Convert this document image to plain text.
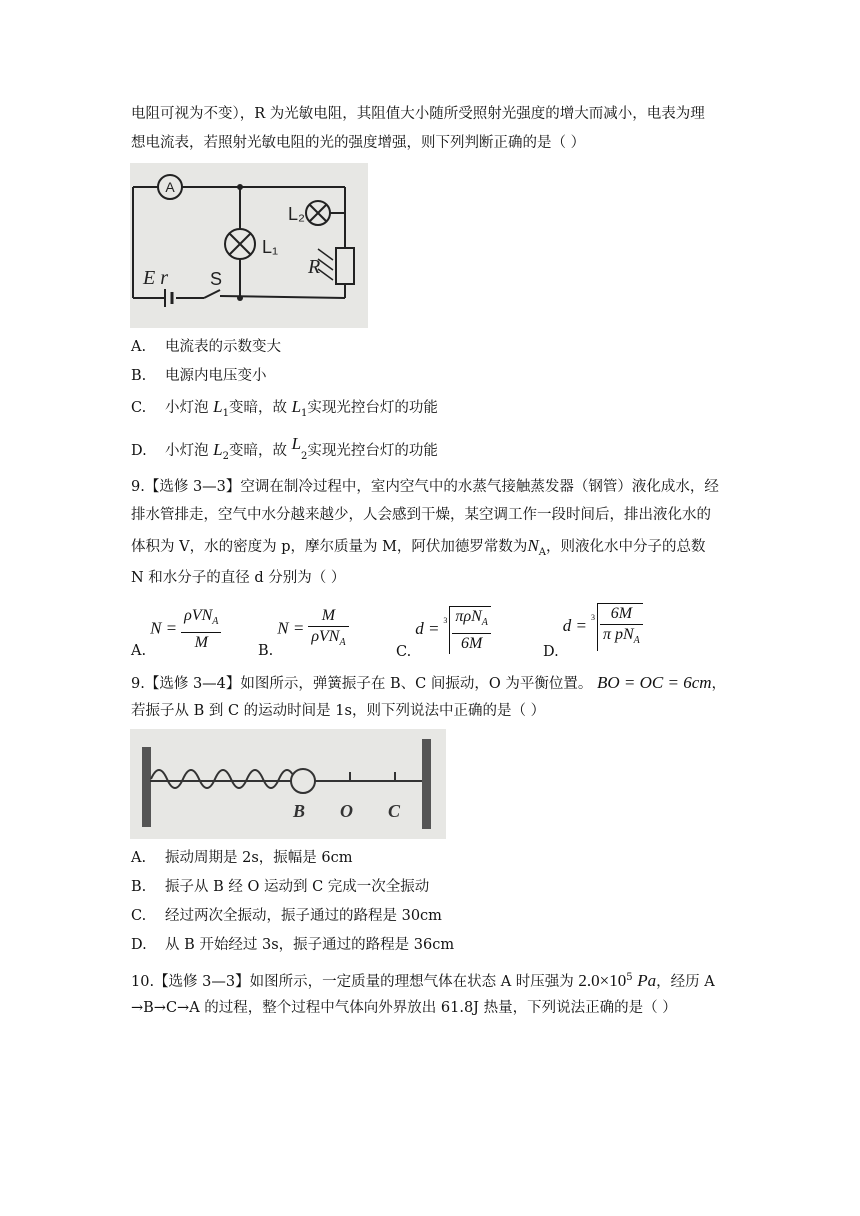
电阻可视为不变），R 为光敏电阻，其阻值大小随所受照射光强度的增大而减小，电表为理
想电流表，若照射光敏电阻的光的强度增强，则下列判断正确的是（ ）
A
L₁
L₂
R
E r S
A. 电流表的示数变大
B. 电源内电压变小
C. 小灯泡 $L_1$变暗，故 $L_1$实现光控台灯的功能
D. 小灯泡 $L_2$变暗，故 $L_2$实现光控台灯的功能
9.【选修 3—3】空调在制冷过程中，室内空气中的水蒸气接触蒸发器（钢管）液化成水，经
排水管排走，空气中水分越来越少，人会感到干燥，某空调工作一段时间后，排出液化水的
体积为 V，水的密度为 p，摩尔质量为 M，阿伏加德罗常数为$N_A$，则液化水中分子的总数
N 和水分子的直径 d 分别为（ ）
A. $N = \frac{\rho VN_A}{M}$	B. $N = \frac{M}{\rho VN_A}$	C. $d = 3 \frac{\pi\rho N_A}{6M}$	D. $d = 3 \frac{6M}{\pi pN_A}$
9.【选修 3—4】如图所示，弹簧振子在 B、C 间振动，O 为平衡位置。 BO = OC = 6cm，
若振子从 B 到 C 的运动时间是 1s，则下列说法中正确的是（ ）
B O C
A. 振动周期是 2s，振幅是 6cm
B. 振子从 B 经 O 运动到 C 完成一次全振动
C. 经过两次全振动，振子通过的路程是 30cm
D. 从 B 开始经过 3s，振子通过的路程是 36cm
10.【选修 3—3】如图所示，一定质量的理想气体在状态 A 时压强为 $2.0\times 10^5$ Pa，经历 A
→B→C→A 的过程，整个过程中气体向外界放出 61.8J 热量，下列说法正确的是（ ）
